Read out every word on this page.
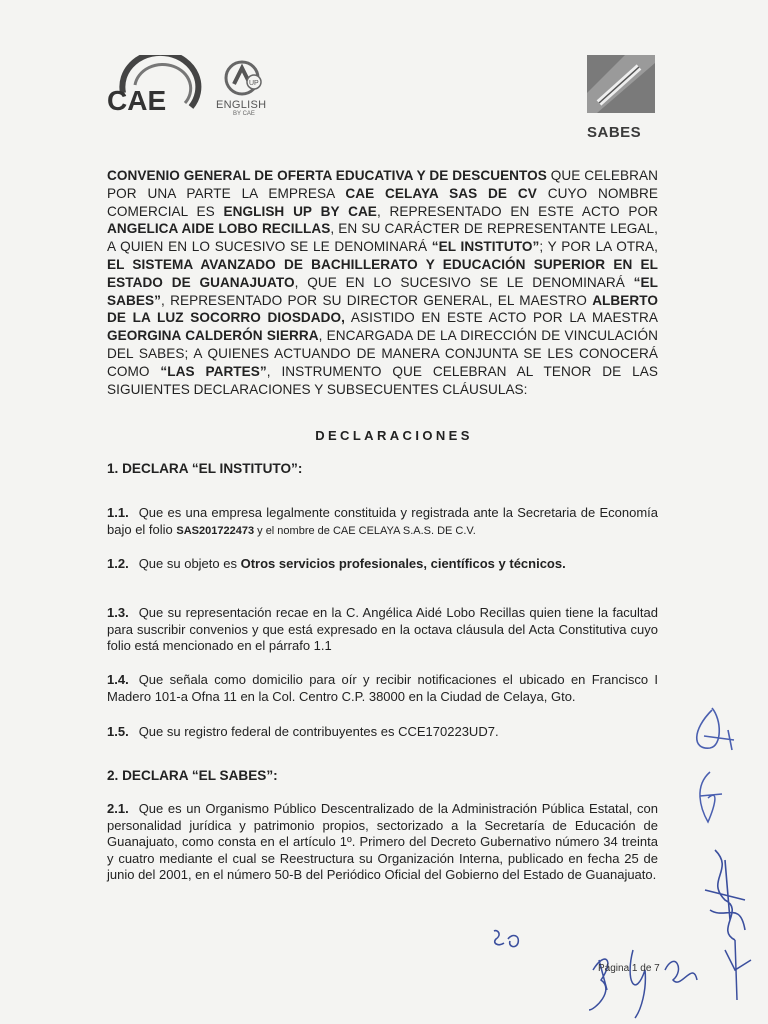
CAE
UP
ENGLISH
BY CAE
SABES
CONVENIO GENERAL DE OFERTA EDUCATIVA Y DE DESCUENTOS QUE CELEBRAN POR UNA PARTE LA EMPRESA CAE CELAYA SAS DE CV CUYO NOMBRE COMERCIAL ES ENGLISH UP BY CAE, REPRESENTADO EN ESTE ACTO POR ANGELICA AIDE LOBO RECILLAS, EN SU CARÁCTER DE REPRESENTANTE LEGAL, A QUIEN EN LO SUCESIVO SE LE DENOMINARÁ “EL INSTITUTO”; Y POR LA OTRA, EL SISTEMA AVANZADO DE BACHILLERATO Y EDUCACIÓN SUPERIOR EN EL ESTADO DE GUANAJUATO, QUE EN LO SUCESIVO SE LE DENOMINARÁ “EL SABES”, REPRESENTADO POR SU DIRECTOR GENERAL, EL MAESTRO ALBERTO DE LA LUZ SOCORRO DIOSDADO, ASISTIDO EN ESTE ACTO POR LA MAESTRA GEORGINA CALDERÓN SIERRA, ENCARGADA DE LA DIRECCIÓN DE VINCULACIÓN DEL SABES; A QUIENES ACTUANDO DE MANERA CONJUNTA SE LES CONOCERÁ COMO “LAS PARTES”, INSTRUMENTO QUE CELEBRAN AL TENOR DE LAS SIGUIENTES DECLARACIONES Y SUBSECUENTES CLÁUSULAS:
DECLARACIONES
1. DECLARA “EL INSTITUTO”:
1.1. Que es una empresa legalmente constituida y registrada ante la Secretaria de Economía bajo el folio SAS201722473 y el nombre de CAE CELAYA S.A.S. DE C.V.
1.2. Que su objeto es Otros servicios profesionales, científicos y técnicos.
1.3. Que su representación recae en la C. Angélica Aidé Lobo Recillas quien tiene la facultad para suscribir convenios y que está expresado en la octava cláusula del Acta Constitutiva cuyo folio está mencionado en el párrafo 1.1
1.4. Que señala como domicilio para oír y recibir notificaciones el ubicado en Francisco I Madero 101-a Ofna 11 en la Col. Centro C.P. 38000 en la Ciudad de Celaya, Gto.
1.5. Que su registro federal de contribuyentes es CCE170223UD7.
2. DECLARA “EL SABES”:
2.1. Que es un Organismo Público Descentralizado de la Administración Pública Estatal, con personalidad jurídica y patrimonio propios, sectorizado a la Secretaría de Educación de Guanajuato, como consta en el artículo 1º. Primero del Decreto Gubernativo número 34 treinta y cuatro mediante el cual se Reestructura su Organización Interna, publicado en fecha 25 de junio del 2001, en el número 50-B del Periódico Oficial del Gobierno del Estado de Guanajuato.
Página 1 de 7
